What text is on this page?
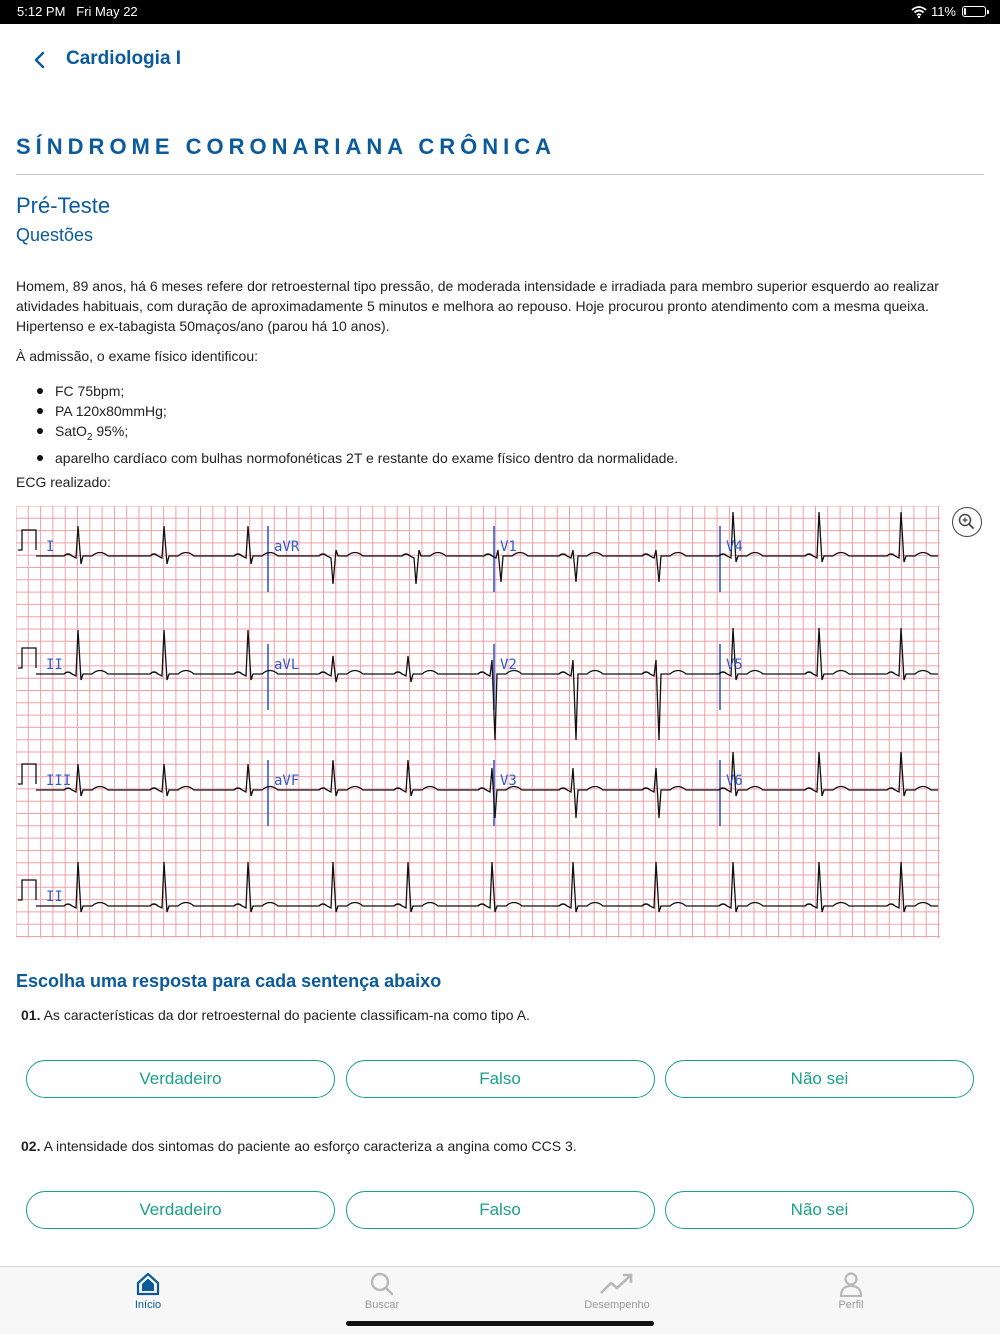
5:12 PM Fri May 22	11%
Cardiologia I
SÍNDROME CORONARIANA CRÔNICA
Pré-Teste
Questões

Homem, 89 anos, há 6 meses refere dor retroesternal tipo pressão, de moderada intensidade e irradiada para membro superior esquerdo ao realizar atividades habituais, com duração de aproximadamente 5 minutos e melhora ao repouso. Hoje procurou pronto atendimento com a mesma queixa. Hipertenso e ex-tabagista 50maços/ano (parou há 10 anos).

À admissão, o exame físico identificou:

FC 75bpm;
PA 120x80mmHg;
SatO$_2$ 95%;
aparelho cardíaco com bulhas normofonéticas 2T e restante do exame físico dentro da normalidade.

ECG realizado:

I	aVR	V1	V4
II	aVL	V2	V5
III	aVF	V3	V6
II
Escolha uma resposta para cada sentença abaixo

01. As características da dor retroesternal do paciente classificam-na como tipo A.

Verdadeiro	Falso	Não sei

02. A intensidade dos sintomas do paciente ao esforço caracteriza a angina como CCS 3.

Verdadeiro	Falso	Não sei
Início	Buscar	Desempenho	Perfil
